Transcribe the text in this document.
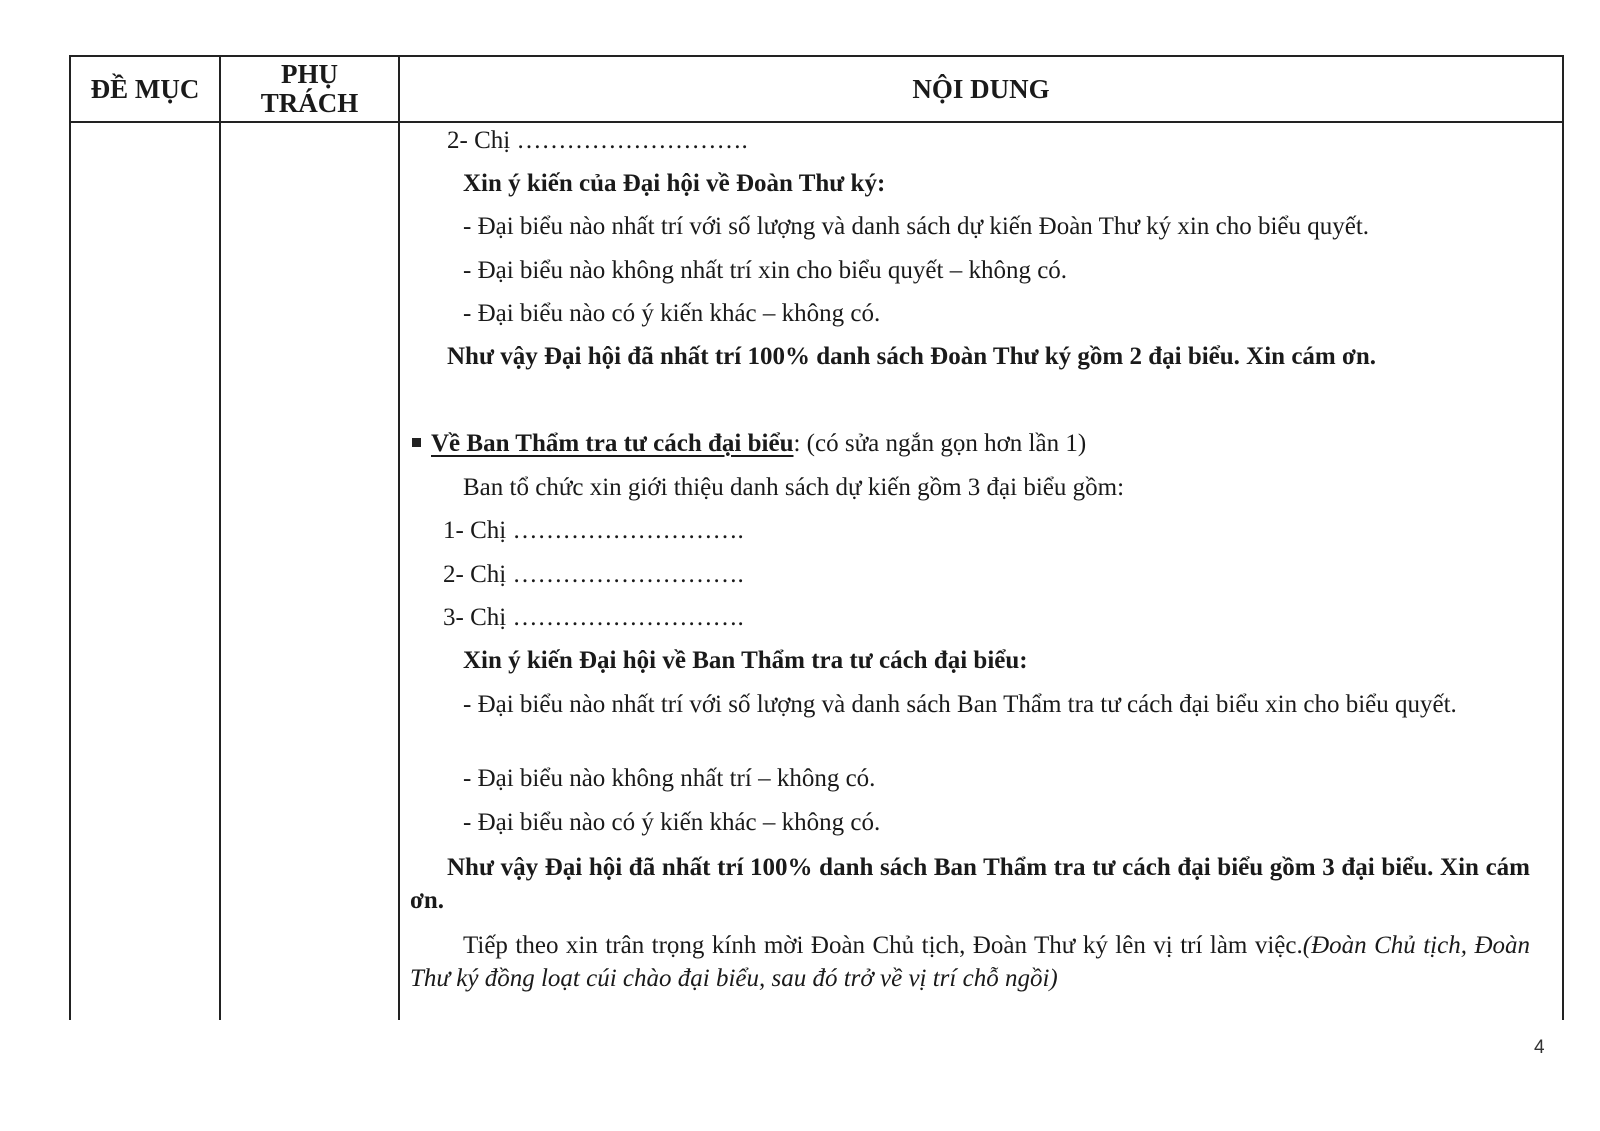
ĐỀ MỤC	PHỤ
TRÁCH	NỘI DUNG
2- Chị ……………………….
Xin ý kiến của Đại hội về Đoàn Thư ký:
- Đại biểu nào nhất trí với số lượng và danh sách dự kiến Đoàn Thư ký xin cho biểu quyết.
- Đại biểu nào không nhất trí xin cho biểu quyết – không có.
- Đại biểu nào có ý kiến khác – không có.
Như vậy Đại hội đã nhất trí 100% danh sách Đoàn Thư ký gồm 2 đại biểu. Xin cám ơn.
Về Ban Thẩm tra tư cách đại biểu: (có sửa ngắn gọn hơn lần 1)
Ban tổ chức xin giới thiệu danh sách dự kiến gồm 3 đại biểu gồm:
1- Chị ……………………….
2- Chị ……………………….
3- Chị ……………………….
Xin ý kiến Đại hội về Ban Thẩm tra tư cách đại biểu:
- Đại biểu nào nhất trí với số lượng và danh sách Ban Thẩm tra tư cách đại biểu xin cho biểu quyết.
- Đại biểu nào không nhất trí – không có.
- Đại biểu nào có ý kiến khác – không có.
Như vậy Đại hội đã nhất trí 100% danh sách Ban Thẩm tra tư cách đại biểu gồm 3 đại biểu. Xin cám ơn.
Tiếp theo xin trân trọng kính mời Đoàn Chủ tịch, Đoàn Thư ký lên vị trí làm việc.(Đoàn Chủ tịch, Đoàn Thư ký đồng loạt cúi chào đại biểu, sau đó trở về vị trí chỗ ngồi)
4
